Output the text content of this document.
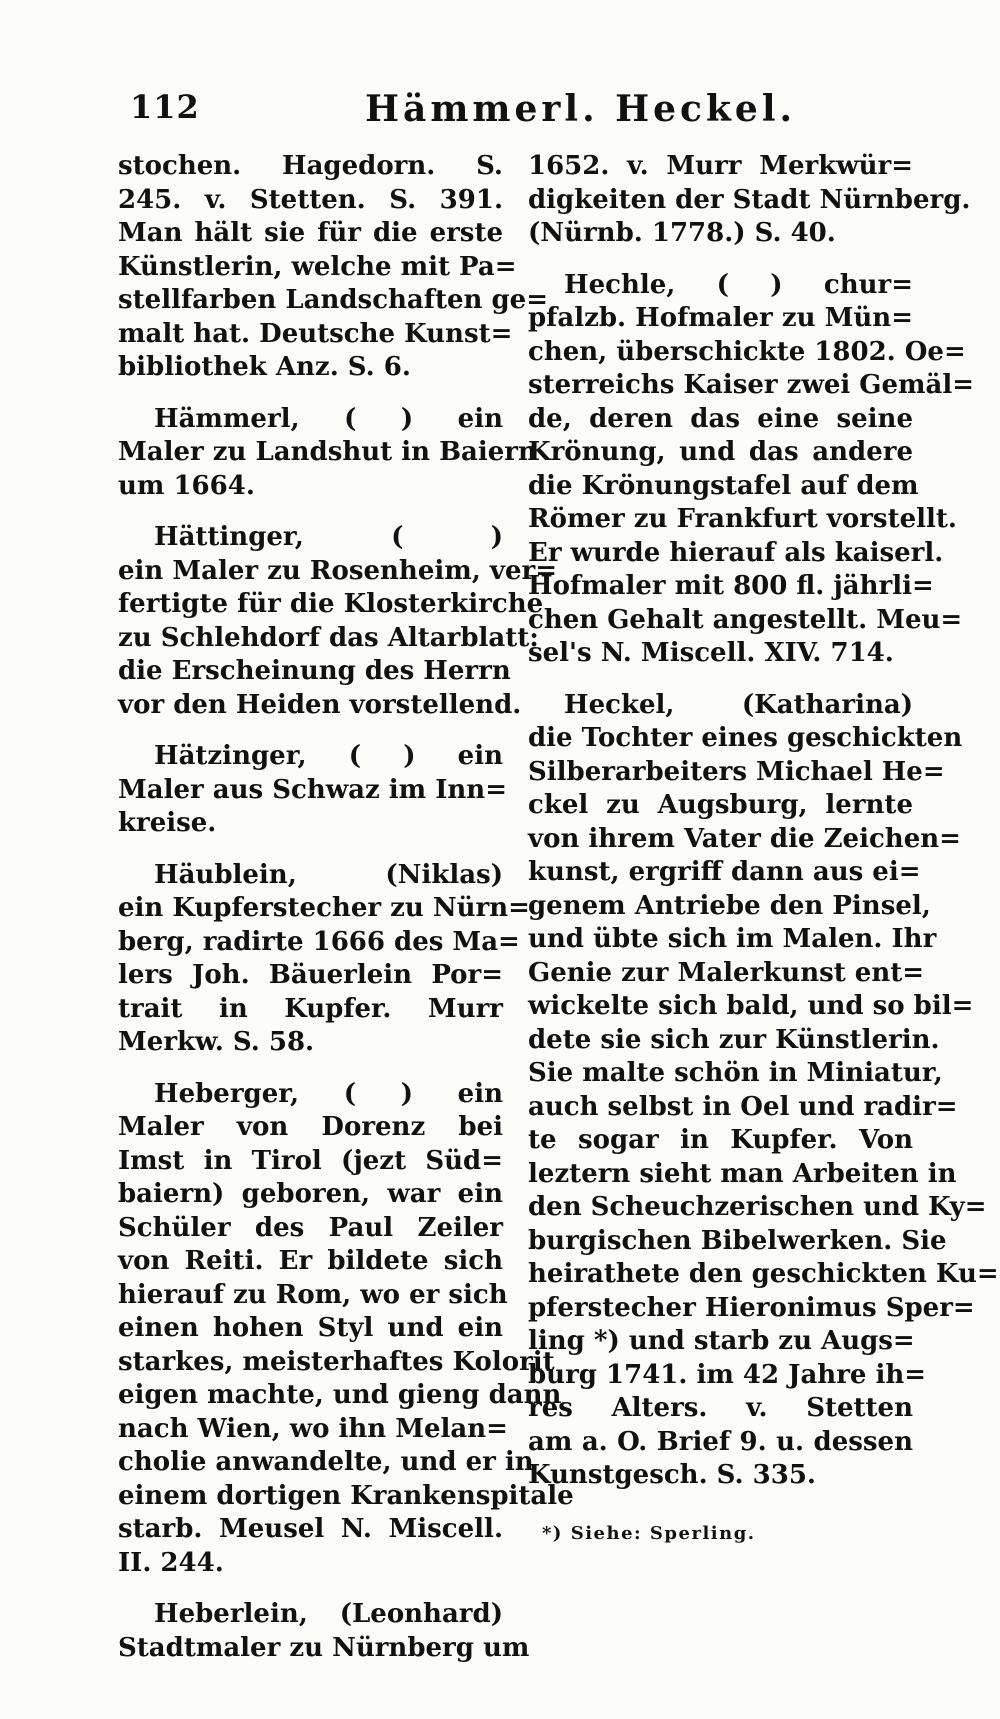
112	Hämmerl. Heckel.
stochen. Hagedorn. S.
245. v. Stetten. S. 391.
Man hält sie für die erste
Künstlerin, welche mit Pa=
stellfarben Landschaften ge=
malt hat. Deutsche Kunst=
bibliothek Anz. S. 6.
Hämmerl, ( ) ein
Maler zu Landshut in Baiern
um 1664.
Hättinger, ( )
ein Maler zu Rosenheim, ver=
fertigte für die Klosterkirche
zu Schlehdorf das Altarblatt:
die Erscheinung des Herrn
vor den Heiden vorstellend.
Hätzinger, ( ) ein
Maler aus Schwaz im Inn=
kreise.
Häublein, (Niklas)
ein Kupferstecher zu Nürn=
berg, radirte 1666 des Ma=
lers Joh. Bäuerlein Por=
trait in Kupfer. Murr
Merkw. S. 58.
Heberger, ( ) ein
Maler von Dorenz bei
Imst in Tirol (jezt Süd=
baiern) geboren, war ein
Schüler des Paul Zeiler
von Reiti. Er bildete sich
hierauf zu Rom, wo er sich
einen hohen Styl und ein
starkes, meisterhaftes Kolorit
eigen machte, und gieng dann
nach Wien, wo ihn Melan=
cholie anwandelte, und er in
einem dortigen Krankenspitale
starb. Meusel N. Miscell.
II. 244.
Heberlein, (Leonhard)
Stadtmaler zu Nürnberg um
1652. v. Murr Merkwür=
digkeiten der Stadt Nürnberg.
(Nürnb. 1778.) S. 40.
Hechle, ( ) chur=
pfalzb. Hofmaler zu Mün=
chen, überschickte 1802. Oe=
sterreichs Kaiser zwei Gemäl=
de, deren das eine seine
Krönung, und das andere
die Krönungstafel auf dem
Römer zu Frankfurt vorstellt.
Er wurde hierauf als kaiserl.
Hofmaler mit 800 fl. jährli=
chen Gehalt angestellt. Meu=
sel's N. Miscell. XIV. 714.
Heckel, (Katharina)
die Tochter eines geschickten
Silberarbeiters Michael He=
ckel zu Augsburg, lernte
von ihrem Vater die Zeichen=
kunst, ergriff dann aus ei=
genem Antriebe den Pinsel,
und übte sich im Malen. Ihr
Genie zur Malerkunst ent=
wickelte sich bald, und so bil=
dete sie sich zur Künstlerin.
Sie malte schön in Miniatur,
auch selbst in Oel und radir=
te sogar in Kupfer. Von
leztern sieht man Arbeiten in
den Scheuchzerischen und Ky=
burgischen Bibelwerken. Sie
heirathete den geschickten Ku=
pferstecher Hieronimus Sper=
ling *) und starb zu Augs=
burg 1741. im 42 Jahre ih=
res Alters. v. Stetten
am a. O. Brief 9. u. dessen
Kunstgesch. S. 335.
*) Siehe: Sperling.
